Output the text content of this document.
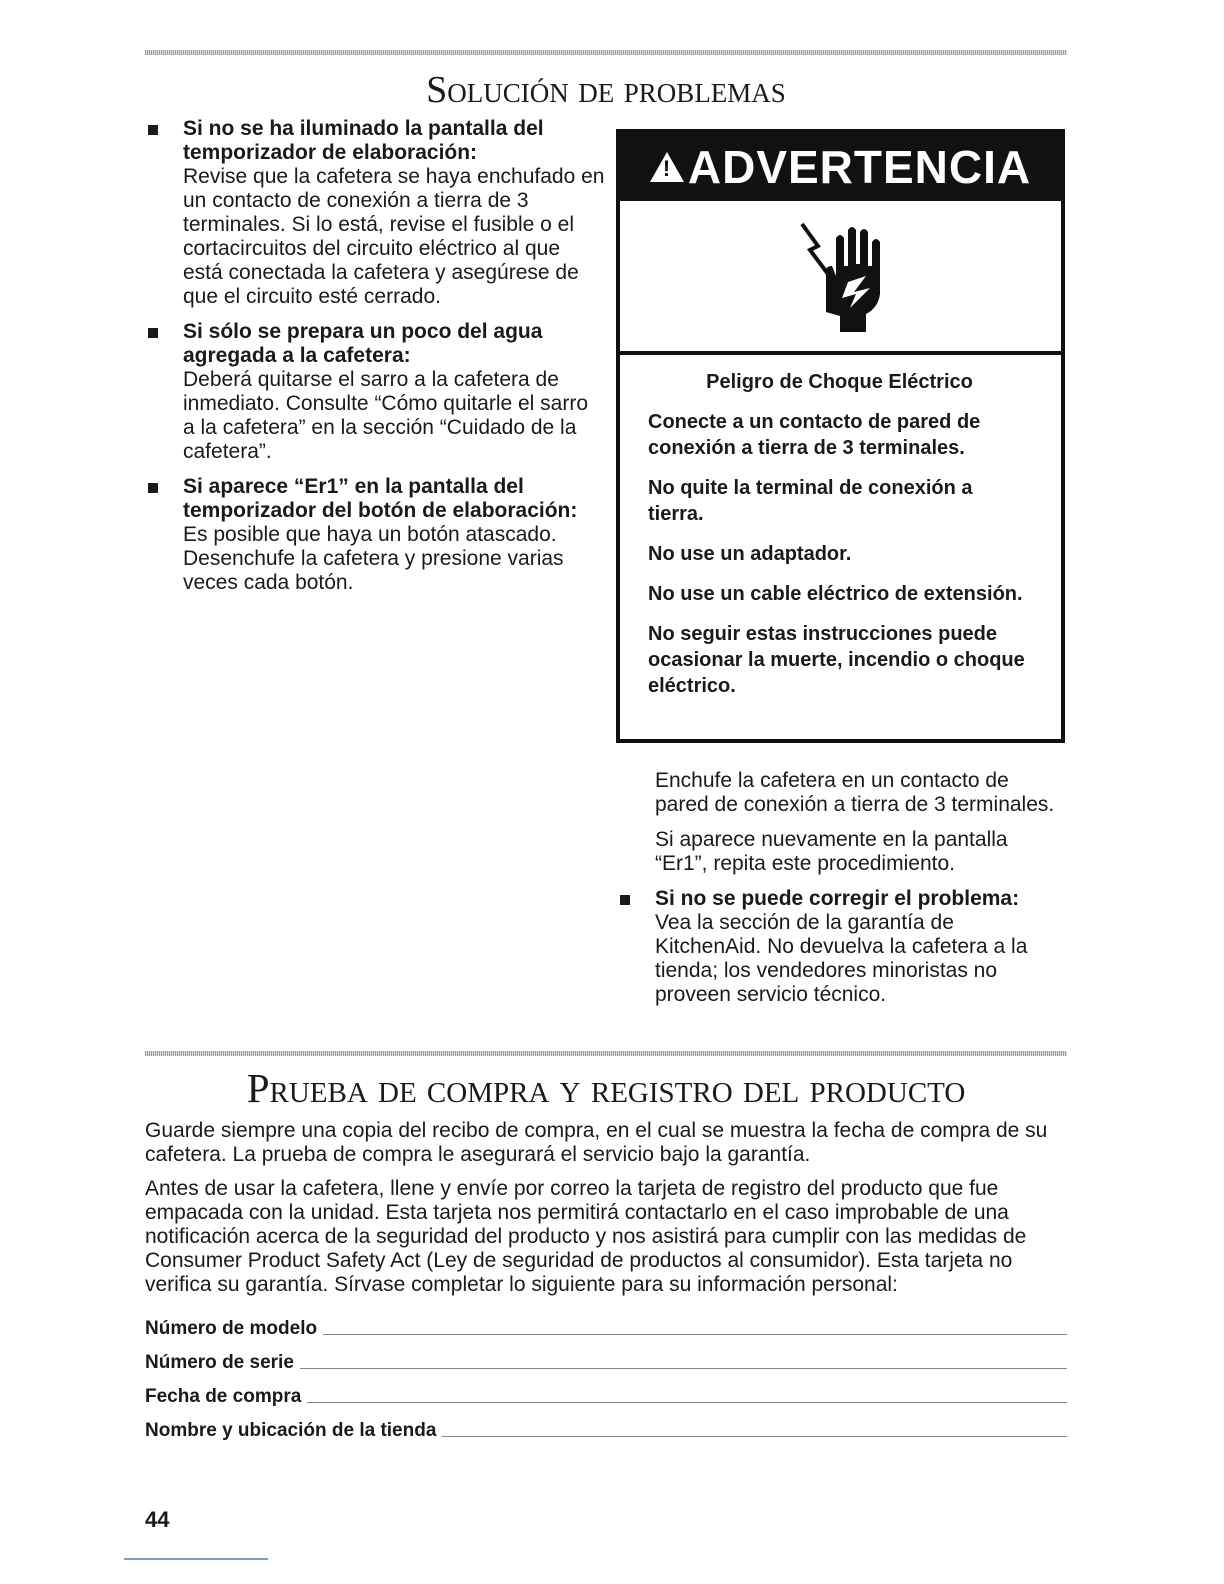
Solución de problemas
Si no se ha iluminado la pantalla del temporizador de elaboración:
Revise que la cafetera se haya enchufado en un contacto de conexión a tierra de 3 terminales. Si lo está, revise el fusible o el cortacircuitos del circuito eléctrico al que está conectada la cafetera y asegúrese de que el circuito esté cerrado.
Si sólo se prepara un poco del agua agregada a la cafetera:
Deberá quitarse el sarro a la cafetera de inmediato. Consulte “Cómo quitarle el sarro a la cafetera” en la sección “Cuidado de la cafetera”.
Si aparece “Er1” en la pantalla del temporizador del botón de elaboración:
Es posible que haya un botón atascado. Desenchufe la cafetera y presione varias veces cada botón.
!
ADVERTENCIA

Peligro de Choque Eléctrico

Conecte a un contacto de pared de conexión a tierra de 3 terminales.

No quite la terminal de conexión a tierra.

No use un adaptador.

No use un cable eléctrico de extensión.

No seguir estas instrucciones puede ocasionar la muerte, incendio o choque eléctrico.

Enchufe la cafetera en un contacto de pared de conexión a tierra de 3 terminales.

Si aparece nuevamente en la pantalla “Er1”, repita este procedimiento.

Si no se puede corregir el problema:
Vea la sección de la garantía de KitchenAid. No devuelva la cafetera a la tienda; los vendedores minoristas no proveen servicio técnico.
Prueba de compra y registro del producto

Guarde siempre una copia del recibo de compra, en el cual se muestra la fecha de compra de su cafetera. La prueba de compra le asegurará el servicio bajo la garantía.

Antes de usar la cafetera, llene y envíe por correo la tarjeta de registro del producto que fue empacada con la unidad. Esta tarjeta nos permitirá contactarlo en el caso improbable de una notificación acerca de la seguridad del producto y nos asistirá para cumplir con las medidas de Consumer Product Safety Act (Ley de seguridad de productos al consumidor). Esta tarjeta no verifica su garantía. Sírvase completar lo siguiente para su información personal:

Número de modelo
Número de serie
Fecha de compra
Nombre y ubicación de la tienda
44
